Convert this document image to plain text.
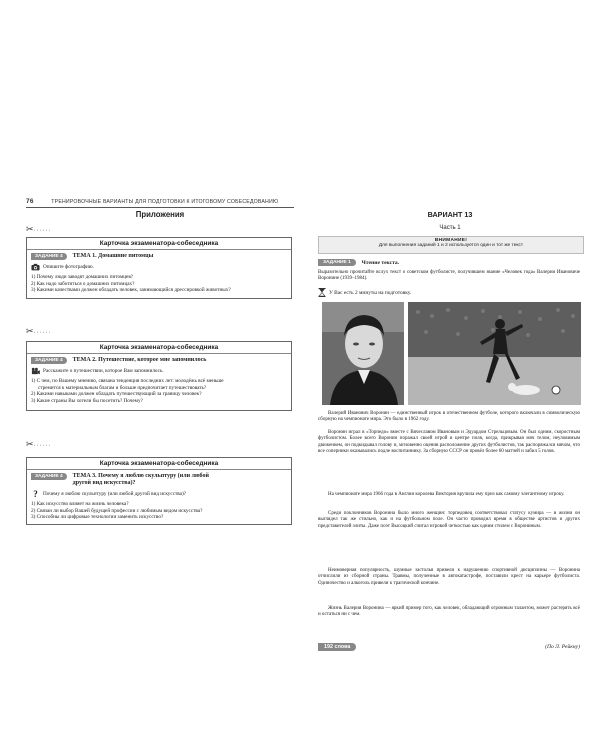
76	ТРЕНИРОВОЧНЫЕ ВАРИАНТЫ ДЛЯ ПОДГОТОВКИ К ИТОГОВОМУ СОБЕСЕДОВАНИЮ
Приложения
✂······
Карточка экзаменатора-собеседника
ЗАДАНИЕ 4	ТЕМА 1. Домашние питомцы
Опишите фотографию.
1) Почему люди заводят домашних питомцев?
2) Как надо заботиться о домашних питомцах?
3) Какими качествами должен обладать человек, занимающийся дрессировкой животных?
✂······
Карточка экзаменатора-собеседника
ЗАДАНИЕ 4	ТЕМА 2. Путешествие, которое мне запомнилось
Расскажите о путешествии, которое Вам запомнилось.
1) С чем, по Вашему мнению, связана тенденция последних лет: молодёжь всё меньше
стремится к материальным благам и больше предпочитает путешествовать?
2) Какими навыками должен обладать путешествующий за границу человек?
3) Какие страны Вы хотели бы посетить? Почему?
✂······
Карточка экзаменатора-собеседника
ЗАДАНИЕ 4	ТЕМА 3. Почему я люблю скульптуру (или любой другой вид искусства)?
?	Почему я люблю скульптуру (или любой другой вид искусства)?
1) Как искусство влияет на жизнь человека?
2) Связан ли выбор Вашей будущей профессии с любимым видом искусства?
3) Способны ли цифровые технологии заменить искусство?
ВАРИАНТ 13
Часть 1
ВНИМАНИЕ!
Для выполнения заданий 1 и 2 используется один и тот же текст
ЗАДАНИЕ 1	Чтение текста.
Выразительно прочитайте вслух текст о советском футболисте, получившем звание «Человек года» Валерии Ивановиче Воронине (1939–1984).
У Вас есть 2 минуты на подготовку.
Валерий Иванович Воронин — единственный игрок в отечественном футболе, которого включали в символическую сборную на чемпионате мира. Это было в 1962 году.
Воронин играл в «Торпедо» вместе с Вячеславом Ивановым и Эдуардом Стрельцовым. Он был одним, скоростным футболистом. Более всего Воронин поражал своей игрой в центре поля, когда, прикрывая мяч телом, неуловимым движением, он подкидывал голову и, мгновенно оценив расположение других футболистов, так распоряжался мячом, что все соперники оказывались подле воспитаннику. За сборную СССР он провёл более 60 матчей и забил 5 голов.
На чемпионате мира 1966 года в Англии королева Виктория вручила ему приз как самому элегантному игроку.
Среди поклонников Воронина было много женщин: торпедовец соответствовал статусу кумира — в жизни он выглядел так же стильно, как и на футбольном поле. Он часто проводил время в обществе артистов и других представителей элиты. Даже поэт Высоцкий считал игровой четкостью как одним стилем с Ворониным.
Неимоверная популярность, шумные застолья привели к нарушению спортивной дисциплины — Воронина отчислили из сборной страны. Травмы, полученные в автокатастрофе, поставили крест на карьере футболиста. Одиночество и алкоголь привели к трагической кончине.
Жизнь Валерия Воронина — яркий пример того, как человек, обладающий огромным талантом, может растерять всё и остаться ни с чем.
192 слова	(По Л. Рейкну)
